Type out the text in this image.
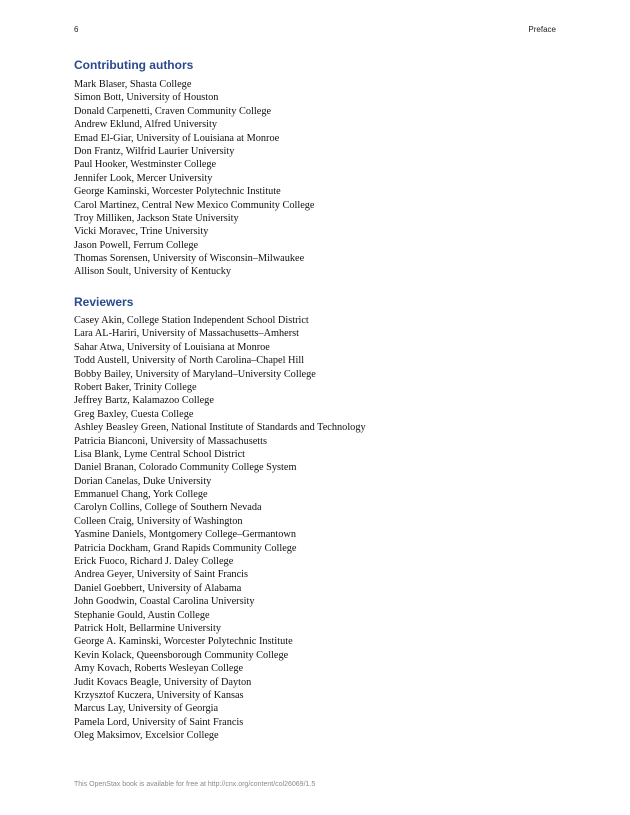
6	Preface
Contributing authors
Mark Blaser, Shasta College
Simon Bott, University of Houston
Donald Carpenetti, Craven Community College
Andrew Eklund, Alfred University
Emad El-Giar, University of Louisiana at Monroe
Don Frantz, Wilfrid Laurier University
Paul Hooker, Westminster College
Jennifer Look, Mercer University
George Kaminski, Worcester Polytechnic Institute
Carol Martinez, Central New Mexico Community College
Troy Milliken, Jackson State University
Vicki Moravec, Trine University
Jason Powell, Ferrum College
Thomas Sorensen, University of Wisconsin–Milwaukee
Allison Soult, University of Kentucky
Reviewers
Casey Akin, College Station Independent School District
Lara AL-Hariri, University of Massachusetts–Amherst
Sahar Atwa, University of Louisiana at Monroe
Todd Austell, University of North Carolina–Chapel Hill
Bobby Bailey, University of Maryland–University College
Robert Baker, Trinity College
Jeffrey Bartz, Kalamazoo College
Greg Baxley, Cuesta College
Ashley Beasley Green, National Institute of Standards and Technology
Patricia Bianconi, University of Massachusetts
Lisa Blank, Lyme Central School District
Daniel Branan, Colorado Community College System
Dorian Canelas, Duke University
Emmanuel Chang, York College
Carolyn Collins, College of Southern Nevada
Colleen Craig, University of Washington
Yasmine Daniels, Montgomery College–Germantown
Patricia Dockham, Grand Rapids Community College
Erick Fuoco, Richard J. Daley College
Andrea Geyer, University of Saint Francis
Daniel Goebbert, University of Alabama
John Goodwin, Coastal Carolina University
Stephanie Gould, Austin College
Patrick Holt, Bellarmine University
George A. Kaminski, Worcester Polytechnic Institute
Kevin Kolack, Queensborough Community College
Amy Kovach, Roberts Wesleyan College
Judit Kovacs Beagle, University of Dayton
Krzysztof Kuczera, University of Kansas
Marcus Lay, University of Georgia
Pamela Lord, University of Saint Francis
Oleg Maksimov, Excelsior College
This OpenStax book is available for free at http://cnx.org/content/col26069/1.5
